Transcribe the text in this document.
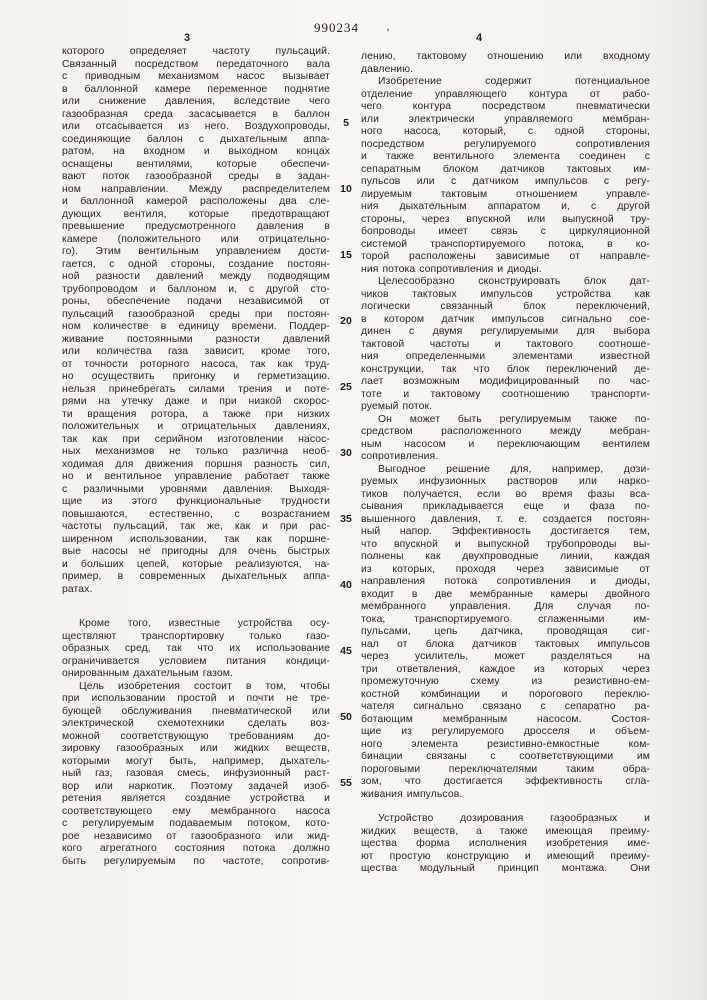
990234
3	’	4
которого определяет частоту пульсаций.
Связанный посредством передаточного вала
с приводным механизмом насос вызывает
в баллонной камере переменное поднятие
или снижение давления, вследствие чего
газообразная среда засасывается в баллон
или отсасывается из него. Воздухопроводы,
соединяющие баллон с дыхательным аппа-
ратом, на входном и выходном концах
оснащены вентилями, которые обеспечи-
вают поток газообразной среды в задан-
ном направлении. Между распределителем
и баллонной камерой расположены два сле-
дующих вентиля, которые предотвращают
превышение предусмотренного давления в
камере (положительного или отрицательно-
го). Этим вентильным управлением дости-
гается, с одной стороны, создание постоян-
ной разности давлений между подводящим
трубопроводом и баллоном и, с другой сто-
роны, обеспечение подачи независимой от
пульсаций газообразной среды при постоян-
ном количестве в единицу времени. Поддер-
живание постоянными разности давлений
или количества газа зависит, кроме того,
от точности роторного насоса, так как труд-
но осуществить пригонку и герметизацию.
нельзя принебрегать силами трения и поте-
рями на утечку даже и при низкой скорос-
ти вращения ротора, а также при низких
положительных и отрицательных давлениях,
так как при серийном изготовлении насос-
ных механизмов не только различна необ-
ходимая для движения поршня разность сил,
но и вентильное управление работает также
с различными уровнями давления. Выходя-
щие из этого функциональные трудности
повышаются, естественно, с возрастанием
частоты пульсаций, так же, как и при рас-
ширенном использовании, так как поршне-
вые насосы не пригодны для очень быстрых
и больших цепей, которые реализуются, на-
пример, в современных дыхательных аппа-
ратах.
Кроме того, известные устройства осу-
ществляют транспортировку только газо-
образных сред, так что их использование
ограничивается условием питания кондици-
онированным дахательным газом.
Цель изобретения состоит в том, чтобы
при использовании простой и почти не тре-
бующей обслуживания пневматической или
электрической схемотехники сделать воз-
можной соответствующую требованиям до-
зировку газообразных или жидких веществ,
которыми могут быть, например, дыхатель-
ный газ, газовая смесь, инфузионный раст-
вор или наркотик. Поэтому задачей изоб-
ретения является создание устройства и
соответствующего ему мембранного насоса
с регулируемым подаваемым потоком, кото-
рое независимо от газообразного или жид-
кого агрегатного состояния потока должно
быть регулируемым по частоте, сопротив-
лению, тактовому отношению или входному
давлению.
Изобретение содержит потенциальное
отделение управляющего контура от рабо-
чего контура посредством пневматически
или электрически управляемого мембран-
ного насоса, который, с одной стороны,
посредством регулируемого сопротивления
и также вентильного элемента соединен с
сепаратным блоком датчиков тактовых им-
пульсов или с датчиком импульсов с регу-
лируемым тактовым отношением управле-
ния дыхательным аппаратом и, с другой
стороны, через впускной или выпускной тру-
бопроводы имеет связь с циркуляционной
системой транспортируемого потока, в ко-
торой расположены зависимые от направле-
ния потока сопротивления и диоды.
Целесообразно сконструировать блок дат-
чиков тактовых импульсов устройства как
логически связанный блок переключений,
в котором датчик импульсов сигнально сое-
динен с двумя регулируемыми для выбора
тактовой частоты и тактового соотноше-
ния определенными элементами известной
конструкции, так что блок переключений де-
лает возможным модифицированный по час-
тоте и тактовому соотношению транспорти-
руемый поток.
Он может быть регулируемым также по-
средством расположенного между мебран-
ным насосом и переключающим вентилем
сопротивления.
Выгодное решение для, например, дози-
руемых инфузионных растворов или нарко-
тиков получается, если во время фазы вса-
сывания прикладывается еще и фаза по-
вышенного давления, т. е. создается постоян-
ный напор. Эффективность достигается тем,
что впускной и выпускной трубопроводы вы-
полнены как двухпроводные линии, каждая
из которых, проходя через зависимые от
направления потока сопротивления и диоды,
входит в две мембранные камеры двойного
мембранного управления. Для случая по-
тока, транспортируемого сглаженными им-
пульсами, цепь датчика, проводящая сиг-
нал от блока датчиков тактовых импульсов
через усилитель, может разделяться на
три ответвления, каждое из которых через
промежуточную схему из резистивно-ем-
костной комбинации и порогового переклю-
чателя сигнально связано с сепаратно ра-
ботающим мембранным насосом. Состоя-
щие из регулируемого дросселя и объем-
ного элемента резистивно-емкостные ком-
бинации связаны с соответствующими им
пороговыми переключателями таким обра-
зом, что достигается эффективность сгла-
живания импульсов.
Устройство дозирования газообразных и
жидких веществ, а также имеющая преиму-
щества форма исполнения изобретения име-
ют простую конструкцию и имеющий преиму-
щества модульный принцип монтажа. Они
5
10
15
20
25
30
35
40
45
50
55
